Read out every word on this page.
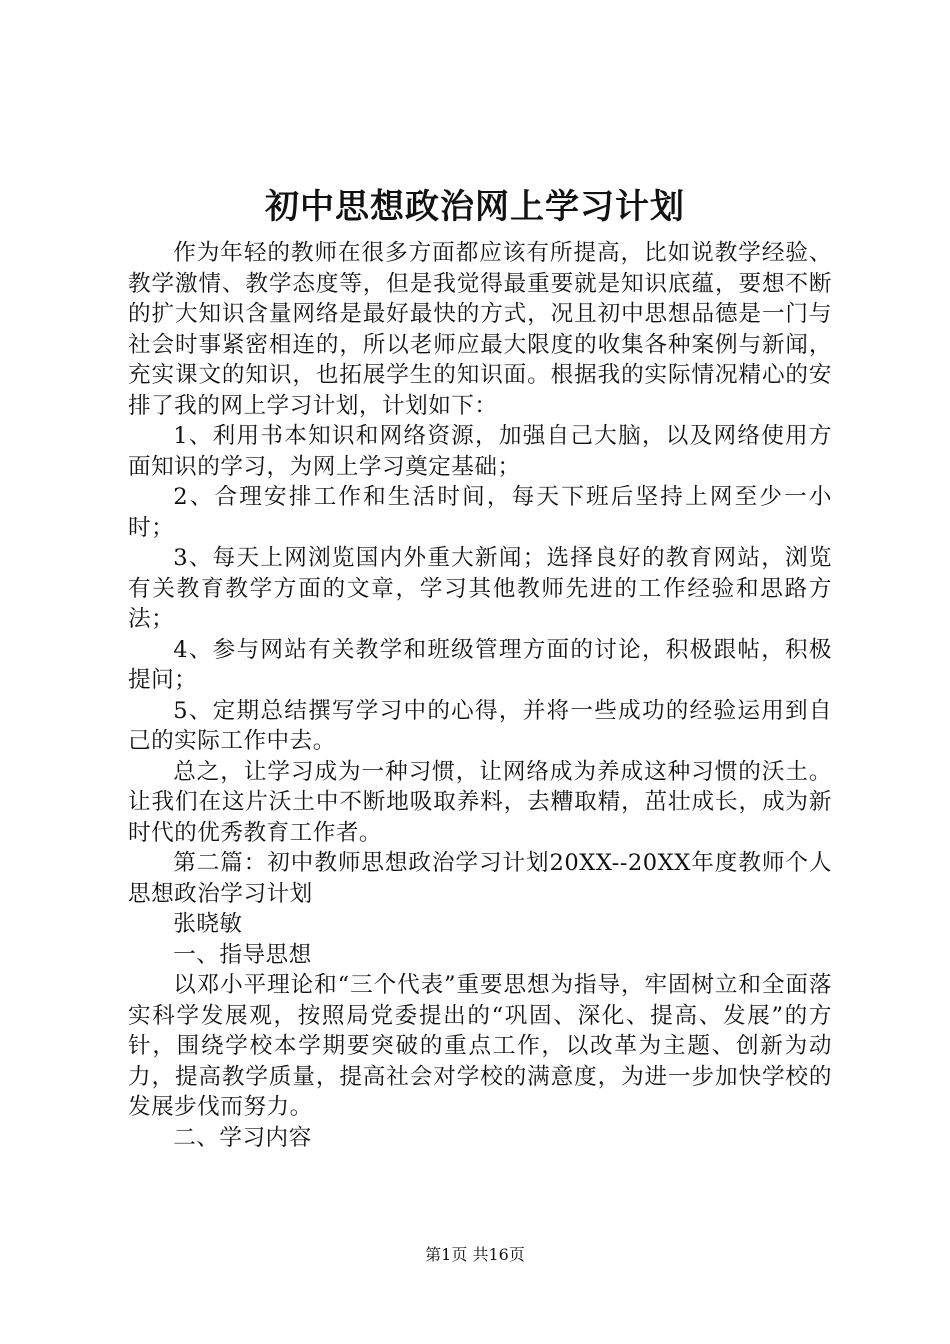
初中思想政治网上学习计划

作为年轻的教师在很多方面都应该有所提高，比如说教学经验、教学激情、教学态度等，但是我觉得最重要就是知识底蕴，要想不断的扩大知识含量网络是最好最快的方式，况且初中思想品德是一门与社会时事紧密相连的，所以老师应最大限度的收集各种案例与新闻，充实课文的知识，也拓展学生的知识面。根据我的实际情况精心的安排了我的网上学习计划，计划如下：

1、利用书本知识和网络资源，加强自己大脑，以及网络使用方面知识的学习，为网上学习奠定基础；

2、合理安排工作和生活时间，每天下班后坚持上网至少一小时；

3、每天上网浏览国内外重大新闻；选择良好的教育网站，浏览有关教育教学方面的文章，学习其他教师先进的工作经验和思路方法；

4、参与网站有关教学和班级管理方面的讨论，积极跟帖，积极提问；

5、定期总结撰写学习中的心得，并将一些成功的经验运用到自己的实际工作中去。

总之，让学习成为一种习惯，让网络成为养成这种习惯的沃土。让我们在这片沃土中不断地吸取养料，去糟取精，茁壮成长，成为新时代的优秀教育工作者。

第二篇：初中教师思想政治学习计划20XX--20XX年度教师个人思想政治学习计划

张晓敏

一、指导思想

以邓小平理论和“三个代表”重要思想为指导，牢固树立和全面落实科学发展观，按照局党委提出的“巩固、深化、提高、发展”的方针，围绕学校本学期要突破的重点工作，以改革为主题、创新为动力，提高教学质量，提高社会对学校的满意度，为进一步加快学校的发展步伐而努力。

二、学习内容

第1页 共16页
